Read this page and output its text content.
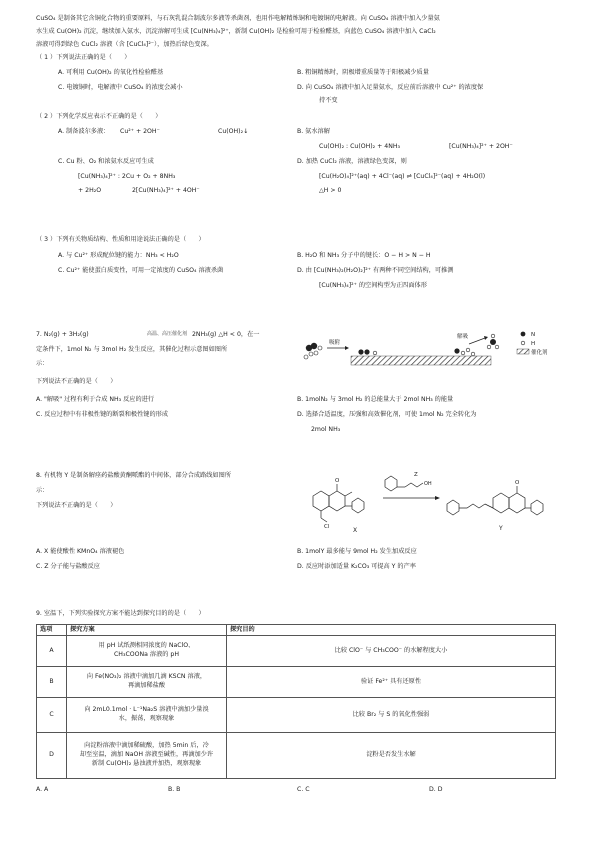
CuSO₄ 是制备其它含铜化合物的重要原料，与石灰乳混合制波尔多液等杀菌剂，也用作电解精炼铜和电镀铜的电解液。向 CuSO₄ 溶液中加入少量氨
水生成 Cu(OH)₂ 沉淀，继续加入氨水，沉淀溶解可生成 [Cu(NH₃)₄]²⁺，新制 Cu(OH)₂ 是检验可用于检验醛基，向蓝色 CuSO₄ 溶液中加入 CaCl₂
溶液可得到绿色 CuCl₂ 溶液（含 [CuCl₄]²⁻），加热后绿色变深。
（ 1 ）下列说法正确的是（　　）
A. 可利用 Cu(OH)₂ 的氧化性检验醛基	B. 粗铜精炼时，阴极增重质量等于阳极减少质量
C. 电镀铜时，电解液中 CuSO₄ 的浓度会减小	D. 向 CuSO₄ 溶液中加入足量氨水，反应前后溶液中 Cu²⁺ 的浓度保
持不变
（ 2 ）下列化学反应表示不正确的是（　　）
A. 制备波尔多液： Cu²⁺ + 2OH⁻	Cu(OH)₂↓	B. 氨水溶解
Cu(OH)₂ : Cu(OH)₂ + 4NH₃	[Cu(NH₃)₄]²⁺ + 2OH⁻
C. Cu 粉、O₂ 和浓氨水反应可生成	D. 加热 CuCl₂ 溶液，溶液绿色变深，则
[Cu(NH₃)₄]²⁺ : 2Cu + O₂ + 8NH₃	[Cu(H₂O)₄]²⁺(aq) + 4Cl⁻(aq) ⇌ [CuCl₄]²⁻(aq) + 4H₂O(l)
+ 2H₂O	2[Cu(NH₃)₄]²⁺ + 4OH⁻	△H > 0
（ 3 ）下列有关物质结构、性质和用途说法正确的是（　　）
A. 与 Cu²⁺ 形成配位键的能力：NH₃ < H₂O	B. H₂O 和 NH₃ 分子中的键长：O − H > N − H
C. Cu²⁺ 能使蛋白质变性，可用一定浓度的 CuSO₄ 溶液杀菌	D. 由 [Cu(NH₃)₂(H₂O)₂]²⁺ 有两种不同空间结构，可推测
[Cu(NH₃)₄]²⁺ 的空间构型为正四面体形
7. N₂(g) + 3H₂(g)	高温、高压催化剂 2NH₃(g) △H < 0，在一
定条件下，1mol N₂ 与 3mol H₂ 发生反应，其催化过程示意图如图所
示：
下列说法不正确的是（　　）
吸附
解吸	N
H
催化剂
A. "解吸" 过程有利于合成 NH₃ 反应的进行	B. 1molN₂ 与 3mol H₂ 的总能量大于 2mol NH₃ 的能量
C. 反应过程中有非极性键的断裂和极性键的形成	D. 选择合适温度，压强和高效催化剂，可使 1mol N₂ 完全转化为
2mol NH₃
8. 有机物 Y 是制备解痉药盐酸黄酮哌酯的中间体，部分合成路线如图所
示：
下列说法不正确的是（　　）
O
Cl	X
OH
Z
O
Y
A. X 能使酸性 KMnO₄ 溶液褪色	B. 1molY 最多能与 9mol H₂ 发生加成反应
C. Z 分子能与盐酸反应	D. 反应时添加适量 K₂CO₃ 可提高 Y 的产率
9. 室温下，下列实验探究方案不能达到探究目的的是（　　）
选项	探究方案	探究目的
A	用 pH 试纸测相同浓度的 NaClO、
CH₃COONa 溶液的 pH	比较 ClO⁻ 与 CH₃COO⁻ 的水解程度大小
B	向 Fe(NO₃)₂ 溶液中滴加几滴 KSCN 溶液，
再滴加稀盐酸	验证 Fe²⁺ 具有还原性
C	向 2mL0.1mol · L⁻¹Na₂S 溶液中滴加少量溴
水，振荡，观察现象	比较 Br₂ 与 S 的氧化性强弱
D	向淀粉溶液中滴加稀硫酸，加热 5min 后，冷
却至室温，滴加 NaOH 溶液至碱性，再滴加少许
新制 Cu(OH)₂ 悬浊液并加热，观察现象	淀粉是否发生水解
A. A	B. B	C. C	D. D
